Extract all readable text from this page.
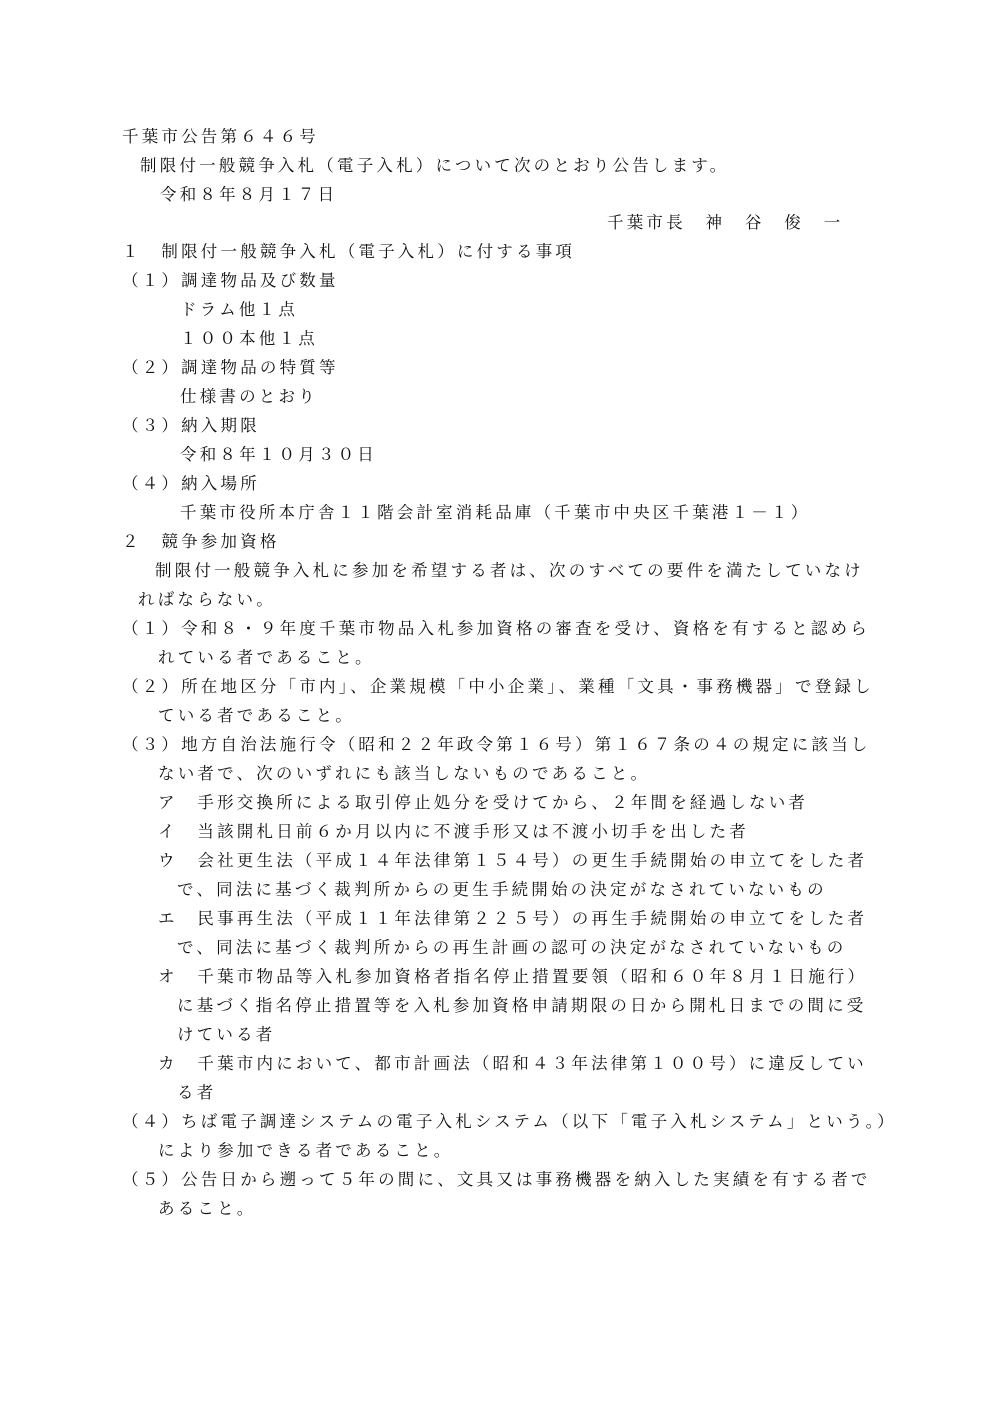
千葉市公告第６４６号
制限付一般競争入札（電子入札）について次のとおり公告します。
令和８年８月１７日
千葉市長　神　谷　俊　一
１　制限付一般競争入札（電子入札）に付する事項
（１）調達物品及び数量
ドラム他１点
１００本他１点
（２）調達物品の特質等
仕様書のとおり
（３）納入期限
令和８年１０月３０日
（４）納入場所
千葉市役所本庁舎１１階会計室消耗品庫（千葉市中央区千葉港１－１）
２　競争参加資格
制限付一般競争入札に参加を希望する者は、次のすべての要件を満たしていなけ
ればならない。
（１）令和８・９年度千葉市物品入札参加資格の審査を受け、資格を有すると認めら
れている者であること。
（２）所在地区分「市内」、企業規模「中小企業」、業種「文具・事務機器」で登録し
ている者であること。
（３）地方自治法施行令（昭和２２年政令第１６号）第１６７条の４の規定に該当し
ない者で、次のいずれにも該当しないものであること。
ア　手形交換所による取引停止処分を受けてから、２年間を経過しない者
イ　当該開札日前６か月以内に不渡手形又は不渡小切手を出した者
ウ　会社更生法（平成１４年法律第１５４号）の更生手続開始の申立てをした者
で、同法に基づく裁判所からの更生手続開始の決定がなされていないもの
エ　民事再生法（平成１１年法律第２２５号）の再生手続開始の申立てをした者
で、同法に基づく裁判所からの再生計画の認可の決定がなされていないもの
オ　千葉市物品等入札参加資格者指名停止措置要領（昭和６０年８月１日施行）
に基づく指名停止措置等を入札参加資格申請期限の日から開札日までの間に受
けている者
カ　千葉市内において、都市計画法（昭和４３年法律第１００号）に違反してい
る者
（４）ちば電子調達システムの電子入札システム（以下「電子入札システム」という。）
により参加できる者であること。
（５）公告日から遡って５年の間に、文具又は事務機器を納入した実績を有する者で
あること。
